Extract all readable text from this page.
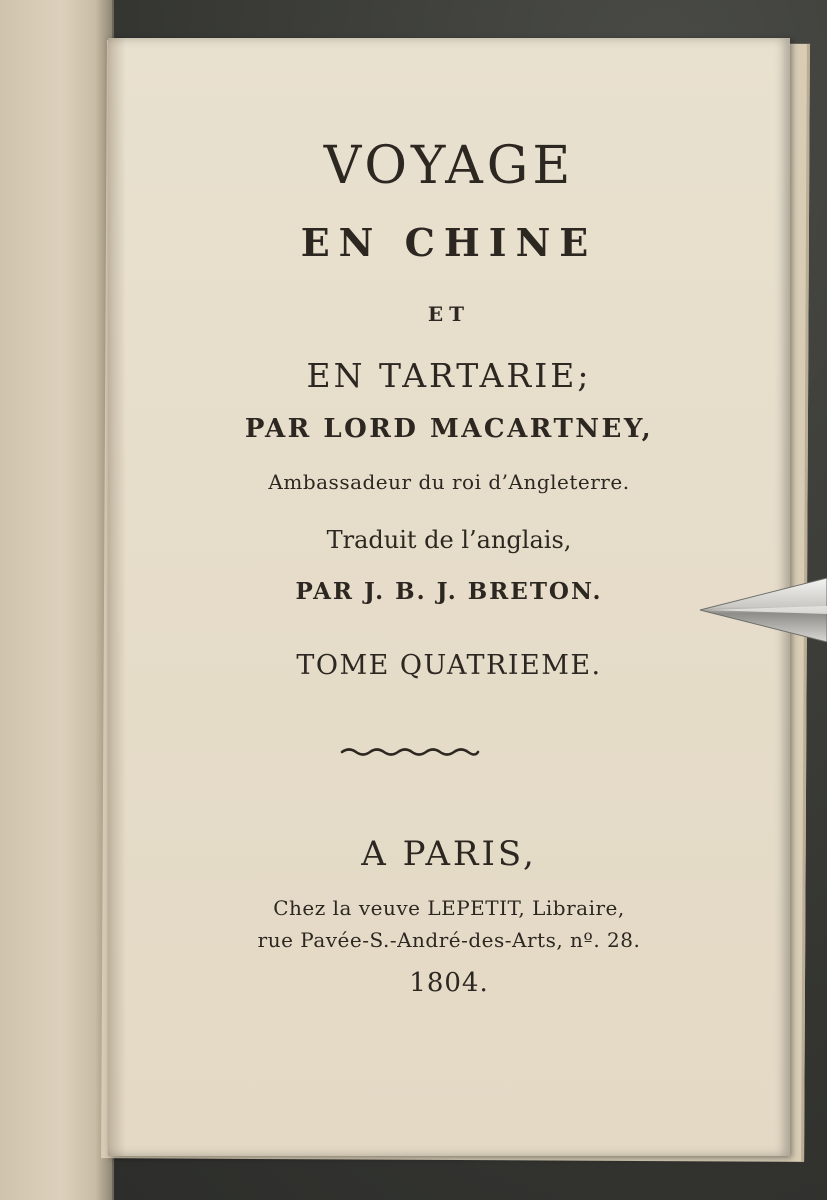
VOYAGE
EN CHINE
ET
EN TARTARIE;
PAR LORD MACARTNEY,
Ambassadeur du roi d’Angleterre.
Traduit de l’anglais,
PAR J. B. J. BRETON.
TOME QUATRIEME.
A PARIS,
Chez la veuve LEPETIT, Libraire,
rue Pavée-S.-André-des-Arts, nº. 28.
1804.
